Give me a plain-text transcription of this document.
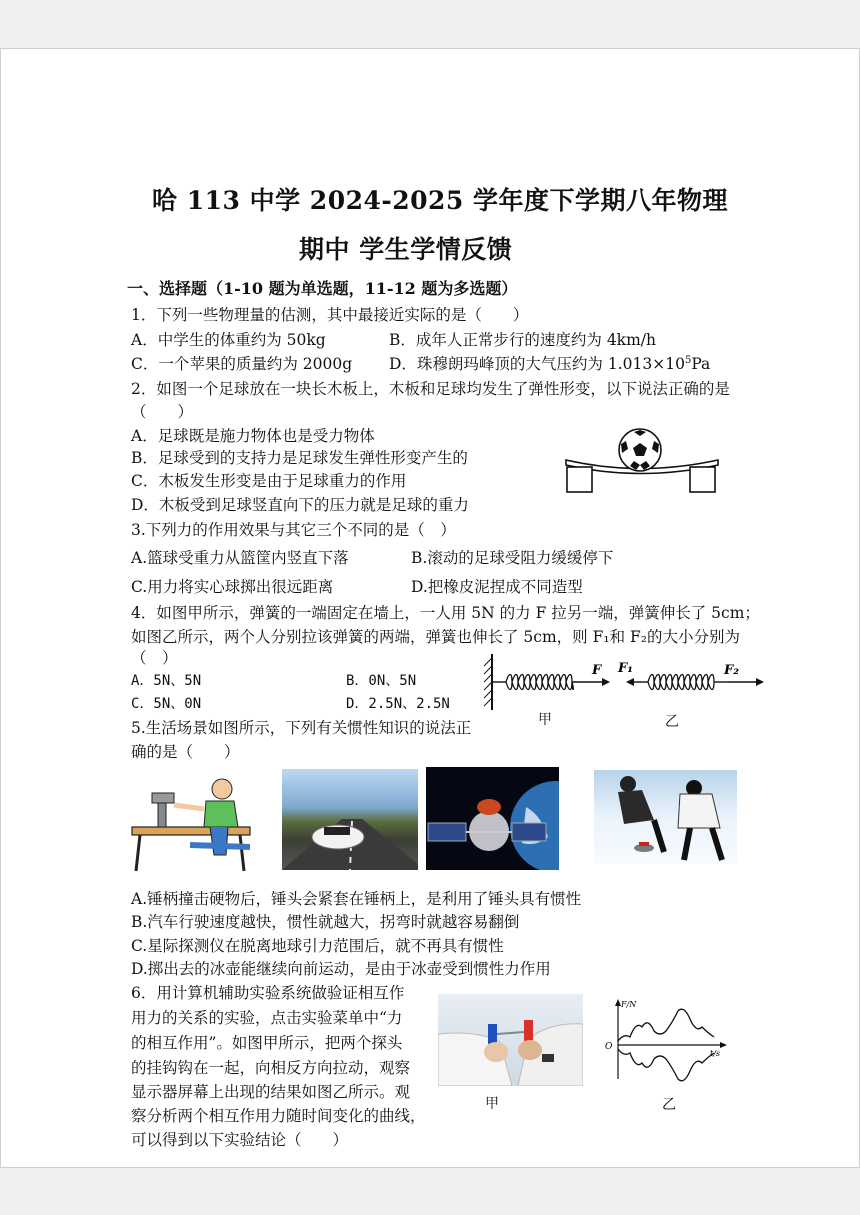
哈 113 中学 2024-2025 学年度下学期八年物理
期中 学生学情反馈
一、选择题（1-10 题为单选题，11-12 题为多选题）
1．下列一些物理量的估测，其中最接近实际的是（　　）
A．中学生的体重约为 50kg	B．成年人正常步行的速度约为 4km/h
C．一个苹果的质量约为 2000g D．珠穆朗玛峰顶的大气压约为 $1.013\times 10^5Pa$
2．如图一个足球放在一块长木板上，木板和足球均发生了弹性形变，以下说法正确的是
（　　）
A．足球既是施力物体也是受力物体
B．足球受到的支持力是足球发生弹性形变产生的
C．木板发生形变是由于足球重力的作用
D．木板受到足球竖直向下的压力就是足球的重力
3.下列力的作用效果与其它三个不同的是（　）
A.篮球受重力从篮筐内竖直下落	B.滚动的足球受阻力缓缓停下
C.用力将实心球掷出很远距离	D.把橡皮泥捏成不同造型
4．如图甲所示，弹簧的一端固定在墙上，一人用 5N 的力 F 拉另一端，弹簧伸长了 5cm；
如图乙所示，两个人分别拉该弹簧的两端，弹簧也伸长了 5cm，则 F₁和 F₂的大小分别为
（　）
A．5N、5N	B．0N、5N
C．5N、0N	D．2.5N、2.5N
F F₁	F₂
甲	乙
5.生活场景如图所示，下列有关惯性知识的说法正
确的是（　　）
A.锤柄撞击硬物后，锤头会紧套在锤柄上，是利用了锤头具有惯性
B.汽车行驶速度越快，惯性就越大，拐弯时就越容易翻倒
C.星际探测仪在脱离地球引力范围后，就不再具有惯性
D.掷出去的冰壶能继续向前运动，是由于冰壶受到惯性力作用
6．用计算机辅助实验系统做验证相互作
用力的关系的实验，点击实验菜单中“力
的相互作用”。如图甲所示，把两个探头
的挂钩钩在一起，向相反方向拉动，观察
显示器屏幕上出现的结果如图乙所示。观
察分析两个相互作用力随时间变化的曲线，
可以得到以下实验结论（　　）
甲
F/N
t/s
O
乙
